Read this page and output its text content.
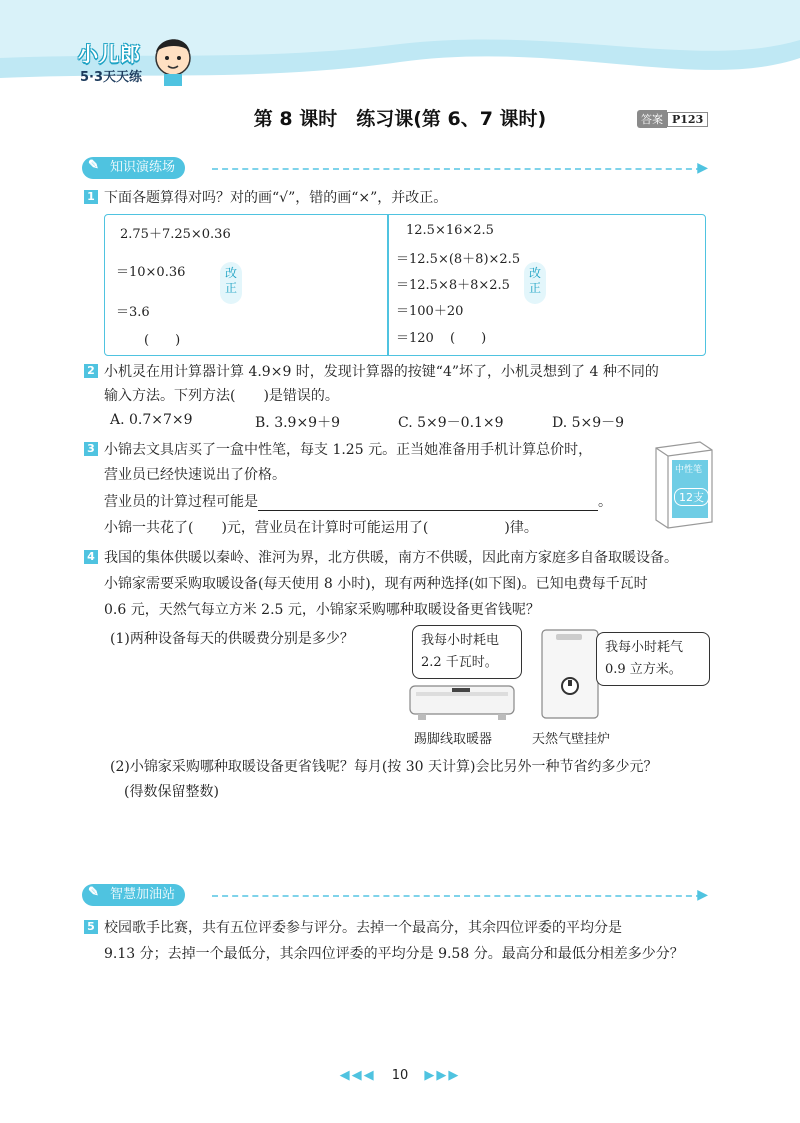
小儿郎
5·3天天练
第 8 课时　练习课(第 6、7 课时)	答案 P123
知识演练场
✎	▶
1 下面各题算得对吗？对的画“√”，错的画“×”，并改正。
2.75＋7.25×0.36
＝10×0.36
＝3.6
(　　)
改正
12.5×16×2.5
＝12.5×(8＋8)×2.5
＝12.5×8＋8×2.5
＝100＋20
＝120 (　　)
改正
2 小机灵在用计算器计算 4.9×9 时，发现计算器的按键“4”坏了，小机灵想到了 4 种不同的
输入方法。下列方法(　　)是错误的。
A. 0.7×7×9	B. 3.9×9＋9	C. 5×9－0.1×9	D. 5×9－9
3 小锦去文具店买了一盒中性笔，每支 1.25 元。正当她准备用手机计算总价时，
营业员已经快速说出了价格。
营业员的计算过程可能是	。
小锦一共花了(　　)元，营业员在计算时可能运用了(	)律。
中性笔
12支
4 我国的集体供暖以秦岭、淮河为界，北方供暖，南方不供暖，因此南方家庭多自备取暖设备。
小锦家需要采购取暖设备(每天使用 8 小时)，现有两种选择(如下图)。已知电费每千瓦时
0.6 元，天然气每立方米 2.5 元，小锦家采购哪种取暖设备更省钱呢？
(1)两种设备每天的供暖费分别是多少？	我每小时耗电
2.2 千瓦时。
踢脚线取暖器
我每小时耗气
0.9 立方米。
天然气壁挂炉
(2)小锦家采购哪种取暖设备更省钱呢？每月(按 30 天计算)会比另外一种节省约多少元？
(得数保留整数)
智慧加油站
✎	▶
5 校园歌手比赛，共有五位评委参与评分。去掉一个最高分，其余四位评委的平均分是
9.13 分；去掉一个最低分，其余四位评委的平均分是 9.58 分。最高分和最低分相差多少分？
◀◀◀ 10 ▶▶▶
